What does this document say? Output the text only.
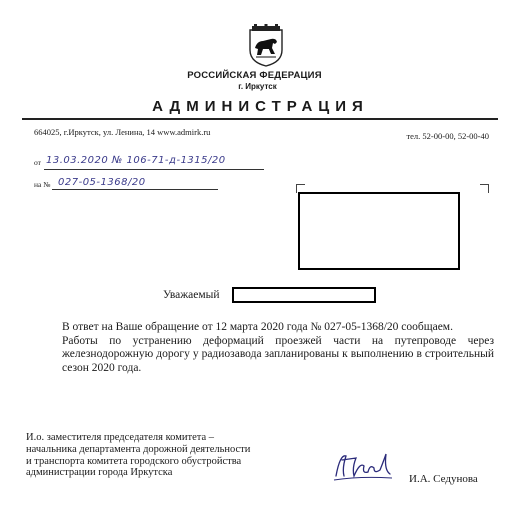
РОССИЙСКАЯ ФЕДЕРАЦИЯ
г. Иркутск
АДМИНИСТРАЦИЯ
664025, г.Иркутск, ул. Ленина, 14 www.admirk.ru	тел. 52-00-00, 52-00-40
от 13.03.2020 № 106-71-д-1315/20
на № 027-05-1368/20
Уважаемый
В ответ на Ваше обращение от 12 марта 2020 года № 027-05-1368/20 сообщаем.
Работы по устранению деформаций проезжей части на путепроводе через железнодорожную дорогу у радиозавода запланированы к выполнению в строительный сезон 2020 года.
И.о. заместителя председателя комитета –
начальника департамента дорожной деятельности
и транспорта комитета городского обустройства
администрации города Иркутска
И.А. Седунова
